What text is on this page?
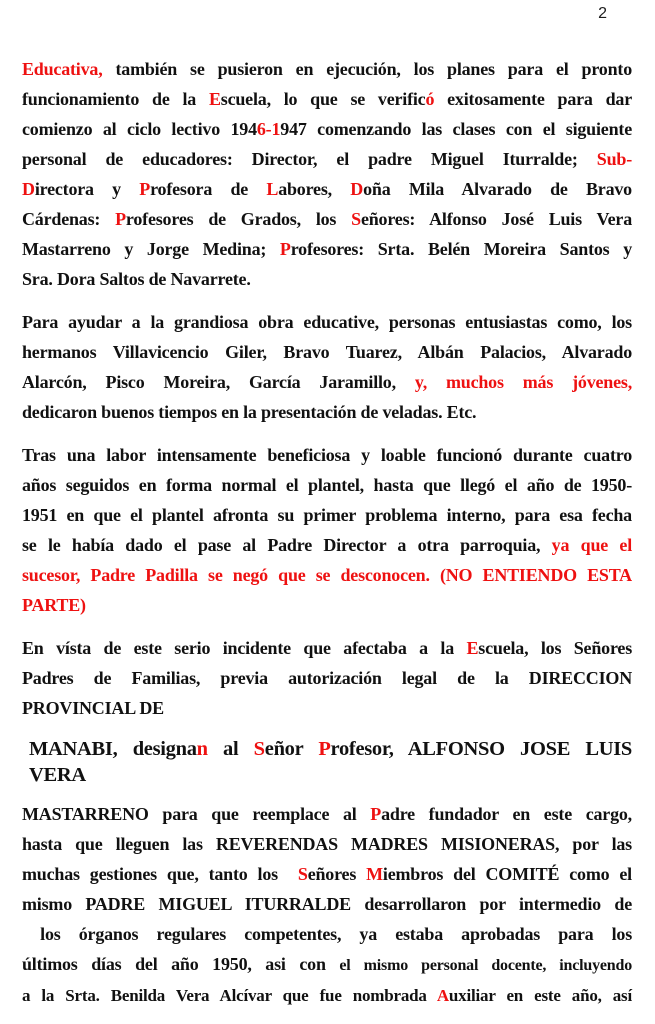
2
Educativa, también se pusieron en ejecución, los planes para el pronto
funcionamiento de la Escuela, lo que se verificó exitosamente para dar
comienzo al ciclo lectivo 1946-1947 comenzando las clases con el siguiente
personal de educadores: Director, el padre Miguel Iturralde; Sub-
Directora y Profesora de Labores, Doña Mila Alvarado de Bravo
Cárdenas: Profesores de Grados, los Señores: Alfonso José Luis Vera
Mastarreno y Jorge Medina; Profesores: Srta. Belén Moreira Santos y
Sra. Dora Saltos de Navarrete.
Para ayudar a la grandiosa obra educative, personas entusiastas como, los
hermanos Villavicencio Giler, Bravo Tuarez, Albán Palacios, Alvarado
Alarcón, Pisco Moreira, García Jaramillo, y, muchos más jóvenes,
dedicaron buenos tiempos en la presentación de veladas. Etc.
Tras una labor intensamente beneficiosa y loable funcionó durante cuatro
años seguidos en forma normal el plantel, hasta que llegó el año de 1950-
1951 en que el plantel afronta su primer problema interno, para esa fecha
se le había dado el pase al Padre Director a otra parroquia, ya que el
sucesor, Padre Padilla se negó que se desconocen. (NO ENTIENDO ESTA
PARTE)
En vísta de este serio incidente que afectaba a la Escuela, los Señores
Padres de Familias, previa autorización legal de la DIRECCION
PROVINCIAL DE
MANABI, designan al Señor Profesor, ALFONSO JOSE LUIS
VERA
MASTARRENO para que reemplace al Padre fundador en este cargo,
hasta que lleguen las REVERENDAS MADRES MISIONERAS, por las
muchas gestiones que, tanto los  Señores Miembros del COMITÉ como el
mismo PADRE MIGUEL ITURRALDE desarrollaron por intermedio de
los órganos regulares competentes, ya estaba aprobadas para los
últimos días del año 1950, asi con el mismo personal docente, incluyendo
a la Srta. Benilda Vera Alcívar que fue nombrada Auxiliar en este año, así
